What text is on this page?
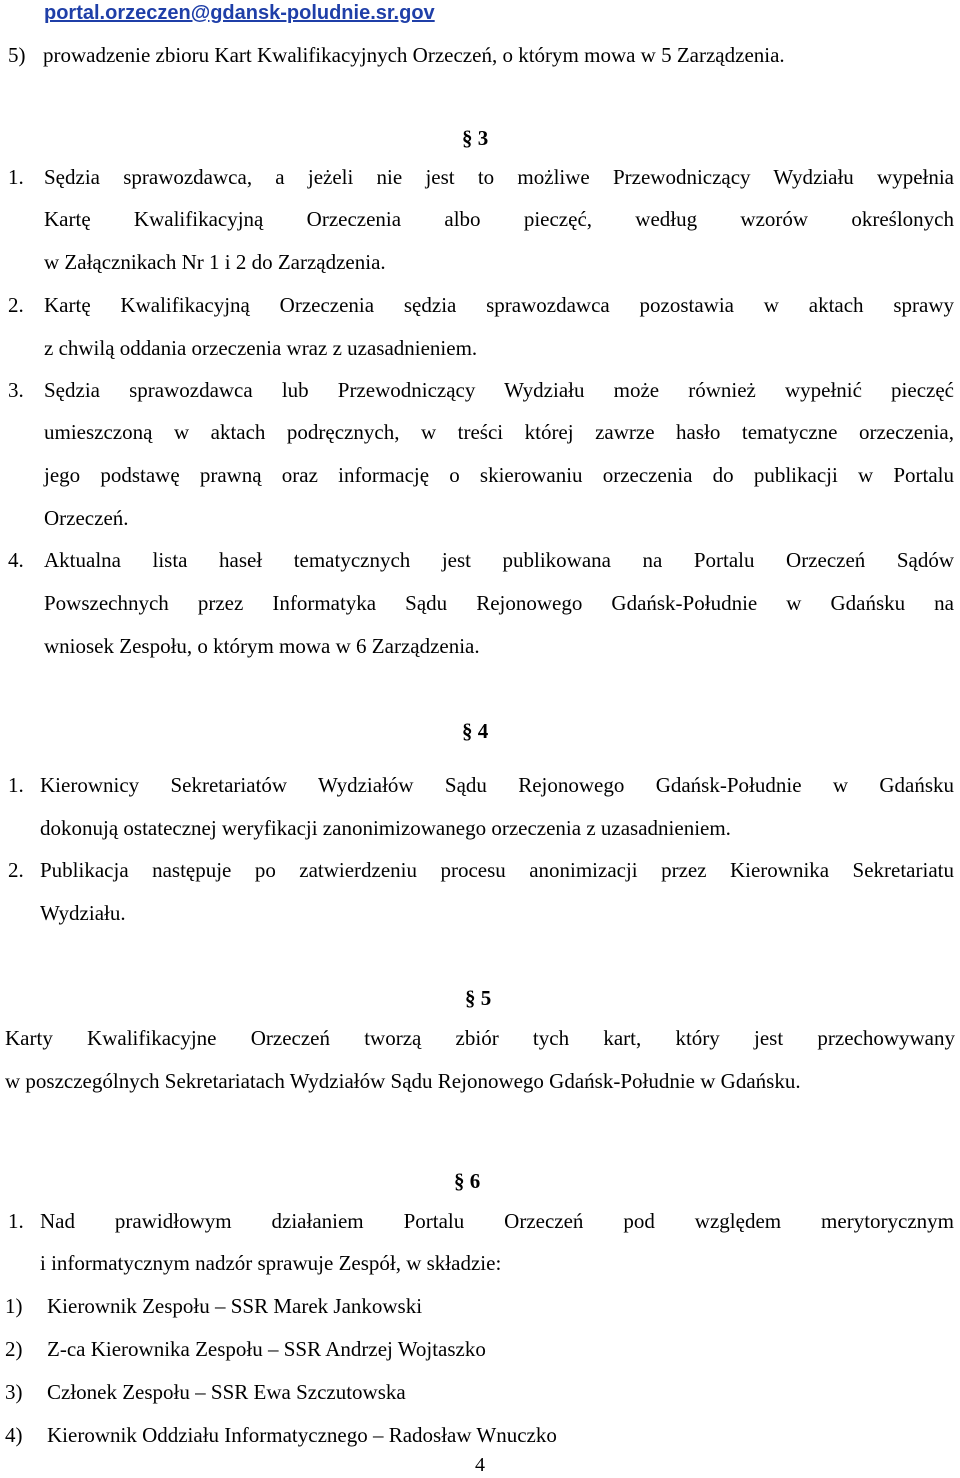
portal.orzeczen@gdansk-poludnie.sr.gov
5) prowadzenie zbioru Kart Kwalifikacyjnych Orzeczeń, o którym mowa w 5 Zarządzenia.
§ 3
1. Sędzia sprawozdawca, a jeżeli nie jest to możliwe Przewodniczący Wydziału wypełnia
Kartę Kwalifikacyjną Orzeczenia albo pieczęć, według wzorów określonych
w Załącznikach Nr 1 i 2 do Zarządzenia.
2. Kartę Kwalifikacyjną Orzeczenia sędzia sprawozdawca pozostawia w aktach sprawy
z chwilą oddania orzeczenia wraz z uzasadnieniem.
3. Sędzia sprawozdawca lub Przewodniczący Wydziału może również wypełnić pieczęć
umieszczoną w aktach podręcznych, w treści której zawrze hasło tematyczne orzeczenia,
jego podstawę prawną oraz informację o skierowaniu orzeczenia do publikacji w Portalu
Orzeczeń.
4. Aktualna lista haseł tematycznych jest publikowana na Portalu Orzeczeń Sądów
Powszechnych przez Informatyka Sądu Rejonowego Gdańsk-Południe w Gdańsku na
wniosek Zespołu, o którym mowa w 6 Zarządzenia.
§ 4
1. Kierownicy Sekretariatów Wydziałów Sądu Rejonowego Gdańsk-Południe w Gdańsku
dokonują ostatecznej weryfikacji zanonimizowanego orzeczenia z uzasadnieniem.
2. Publikacja następuje po zatwierdzeniu procesu anonimizacji przez Kierownika Sekretariatu
Wydziału.
§ 5
Karty Kwalifikacyjne Orzeczeń tworzą zbiór tych kart, który jest przechowywany
w poszczególnych Sekretariatach Wydziałów Sądu Rejonowego Gdańsk-Południe w Gdańsku.
§ 6
1. Nad prawidłowym działaniem Portalu Orzeczeń pod względem merytorycznym
i informatycznym nadzór sprawuje Zespół, w składzie:
1) Kierownik Zespołu – SSR Marek Jankowski
2) Z-ca Kierownika Zespołu – SSR Andrzej Wojtaszko
3) Członek Zespołu – SSR Ewa Szczutowska
4) Kierownik Oddziału Informatycznego – Radosław Wnuczko
4
